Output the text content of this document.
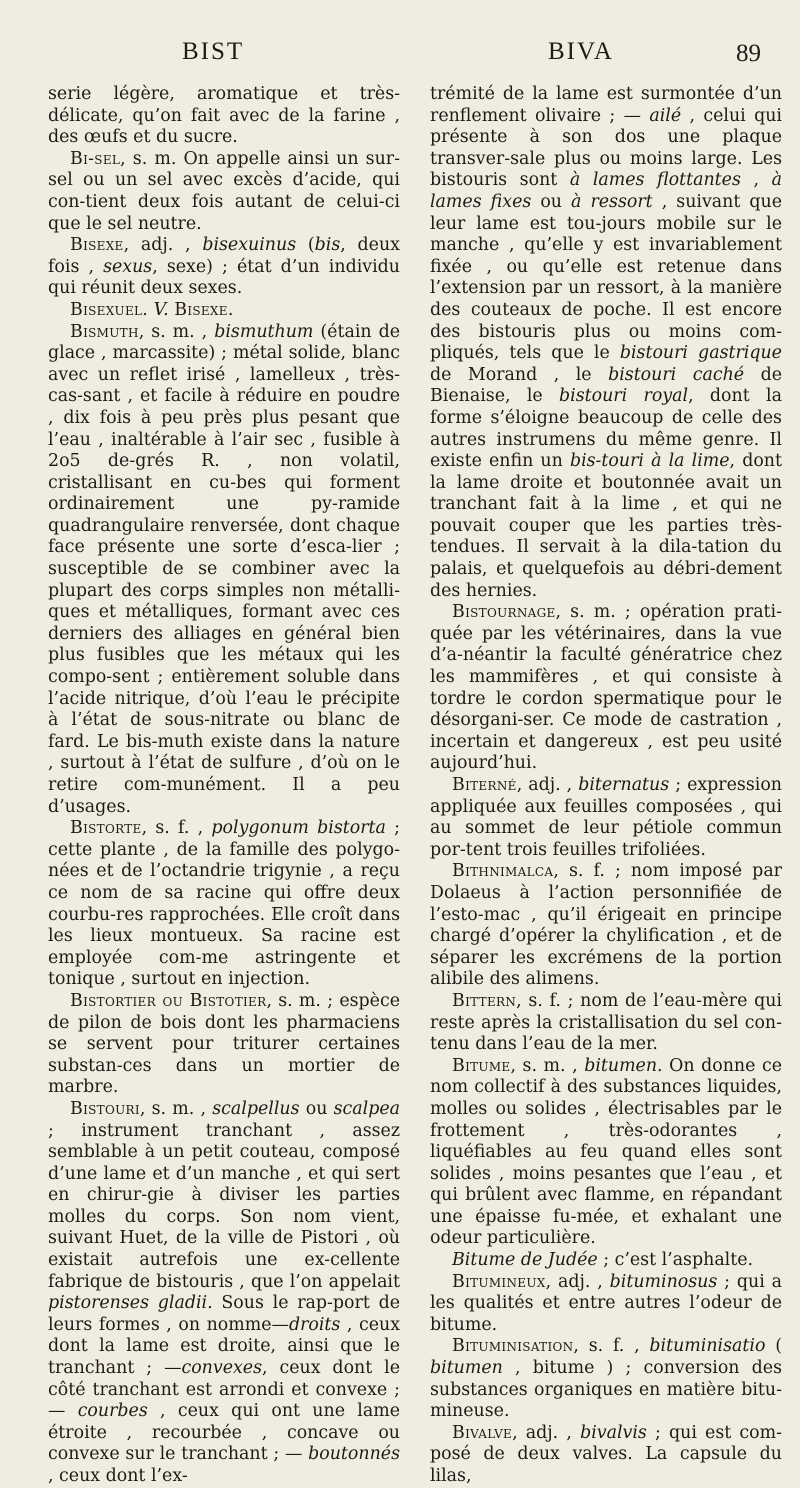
BIST	BIVA	89

serie légère, aromatique et très-délicate, qu’on fait avec de la farine , des œufs et du sucre.

Bi-sel, s. m. On appelle ainsi un sur-sel ou un sel avec excès d’acide, qui con-tient deux fois autant de celui-ci que le sel neutre.

Bisexe, adj. , bisexuinus (bis, deux fois , sexus, sexe) ; état d’un individu qui réunit deux sexes.

Bisexuel. V. Bisexe.

Bismuth, s. m. , bismuthum (étain de glace , marcassite) ; métal solide, blanc avec un reflet irisé , lamelleux , très-cas-sant , et facile à réduire en poudre , dix fois à peu près plus pesant que l’eau , inaltérable à l’air sec , fusible à 2o5 de-grés R. , non volatil, cristallisant en cu-bes qui forment ordinairement une py-ramide quadrangulaire renversée, dont chaque face présente une sorte d’esca-lier ; susceptible de se combiner avec la plupart des corps simples non métalli-ques et métalliques, formant avec ces derniers des alliages en général bien plus fusibles que les métaux qui les compo-sent ; entièrement soluble dans l’acide nitrique, d’où l’eau le précipite à l’état de sous-nitrate ou blanc de fard. Le bis-muth existe dans la nature , surtout à l’état de sulfure , d’où on le retire com-munément. Il a peu d’usages.

Bistorte, s. f. , polygonum bistorta ; cette plante , de la famille des polygo-nées et de l’octandrie trigynie , a reçu ce nom de sa racine qui offre deux courbu-res rapprochées. Elle croît dans les lieux montueux. Sa racine est employée com-me astringente et tonique , surtout en injection.

Bistortier ou Bistotier, s. m. ; espèce de pilon de bois dont les pharmaciens se servent pour triturer certaines substan-ces dans un mortier de marbre.

Bistouri, s. m. , scalpellus ou scalpea ; instrument tranchant , assez semblable à un petit couteau, composé d’une lame et d’un manche , et qui sert en chirur-gie à diviser les parties molles du corps. Son nom vient, suivant Huet, de la ville de Pistori , où existait autrefois une ex-cellente fabrique de bistouris , que l’on appelait pistorenses gladii. Sous le rap-port de leurs formes , on nomme—droits , ceux dont la lame est droite, ainsi que le tranchant ; —convexes, ceux dont le côté tranchant est arrondi et convexe ; — courbes , ceux qui ont une lame étroite , recourbée , concave ou convexe sur le tranchant ; — boutonnés , ceux dont l’ex-

trémité de la lame est surmontée d’un renflement olivaire ; — ailé , celui qui présente à son dos une plaque transver-sale plus ou moins large. Les bistouris sont à lames flottantes , à lames fixes ou à ressort , suivant que leur lame est tou-jours mobile sur le manche , qu’elle y est invariablement fixée , ou qu’elle est retenue dans l’extension par un ressort, à la manière des couteaux de poche. Il est encore des bistouris plus ou moins com-pliqués, tels que le bistouri gastrique de Morand , le bistouri caché de Bienaise, le bistouri royal, dont la forme s’éloigne beaucoup de celle des autres instrumens du même genre. Il existe enfin un bis-touri à la lime, dont la lame droite et boutonnée avait un tranchant fait à la lime , et qui ne pouvait couper que les parties très-tendues. Il servait à la dila-tation du palais, et quelquefois au débri-dement des hernies.

Bistournage, s. m. ; opération prati-quée par les vétérinaires, dans la vue d’a-néantir la faculté génératrice chez les mammifères , et qui consiste à tordre le cordon spermatique pour le désorgani-ser. Ce mode de castration , incertain et dangereux , est peu usité aujourd’hui.

Biterné, adj. , biternatus ; expression appliquée aux feuilles composées , qui au sommet de leur pétiole commun por-tent trois feuilles trifoliées.

Bithnimalca, s. f. ; nom imposé par Dolaeus à l’action personnifiée de l’esto-mac , qu’il érigeait en principe chargé d’opérer la chylification , et de séparer les excrémens de la portion alibile des alimens.

Bittern, s. f. ; nom de l’eau-mère qui reste après la cristallisation du sel con-tenu dans l’eau de la mer.

Bitume, s. m. , bitumen. On donne ce nom collectif à des substances liquides, molles ou solides , électrisables par le frottement , très-odorantes , liquéfiables au feu quand elles sont solides , moins pesantes que l’eau , et qui brûlent avec flamme, en répandant une épaisse fu-mée, et exhalant une odeur particulière.

Bitume de Judée ; c’est l’asphalte.

Bitumineux, adj. , bituminosus ; qui a les qualités et entre autres l’odeur de bitume.

Bituminisation, s. f. , bituminisatio ( bitumen , bitume ) ; conversion des substances organiques en matière bitu-mineuse.

Bivalve, adj. , bivalvis ; qui est com-posé de deux valves. La capsule du lilas,
